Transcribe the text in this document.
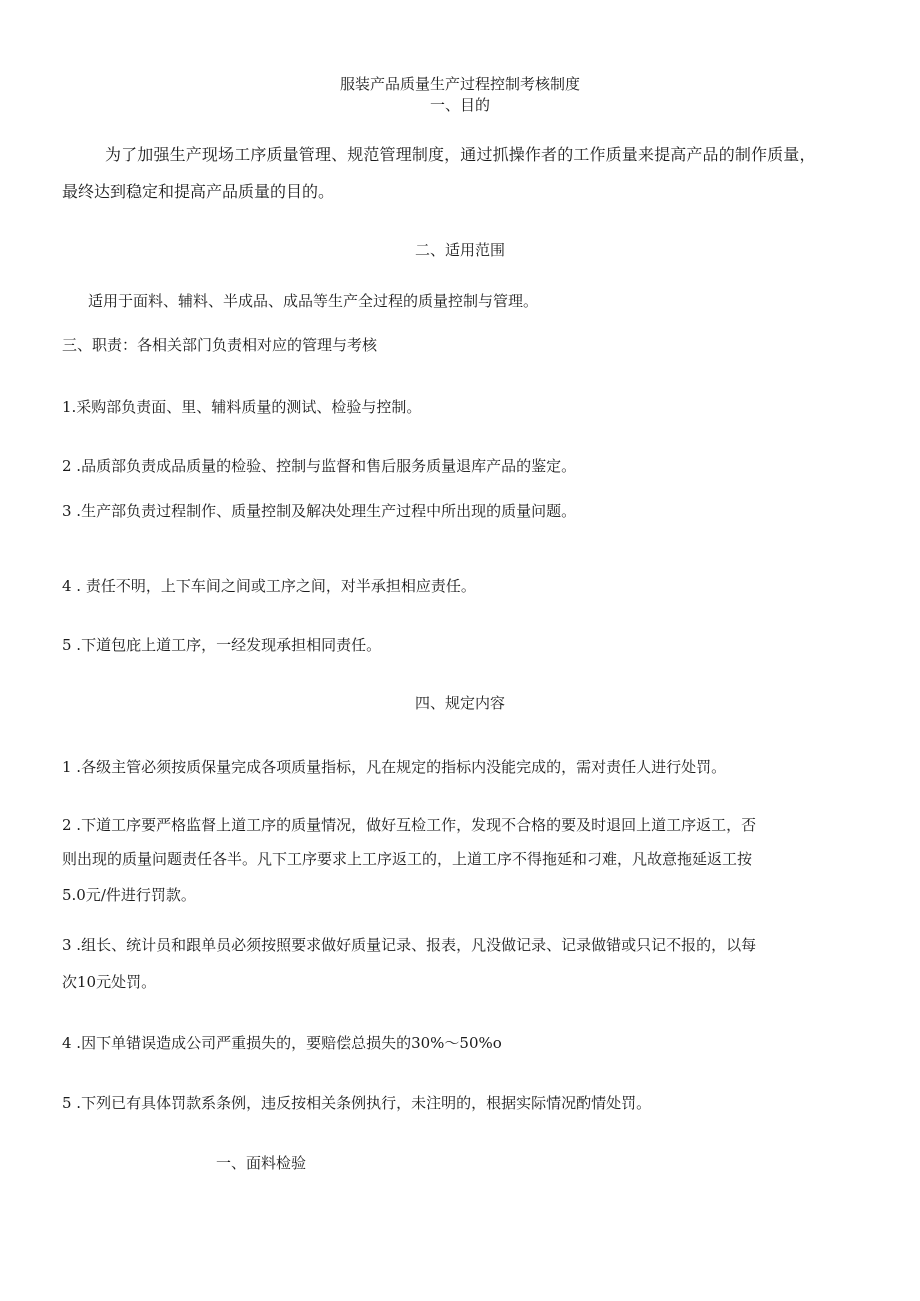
服装产品质量生产过程控制考核制度
一、目的
为了加强生产现场工序质量管理、规范管理制度，通过抓操作者的工作质量来提高产品的制作质量，
最终达到稳定和提高产品质量的目的。
二、适用范围
适用于面料、辅料、半成品、成品等生产全过程的质量控制与管理。
三、职责：各相关部门负责相对应的管理与考核
1.采购部负责面、里、辅料质量的测试、检验与控制。
2 .品质部负责成品质量的检验、控制与监督和售后服务质量退库产品的鉴定。
3 .生产部负责过程制作、质量控制及解决处理生产过程中所出现的质量问题。
4 . 责任不明，上下车间之间或工序之间，对半承担相应责任。
5 .下道包庇上道工序，一经发现承担相同责任。
四、规定内容
1 .各级主管必须按质保量完成各项质量指标，凡在规定的指标内没能完成的，需对责任人进行处罚。
2 .下道工序要严格监督上道工序的质量情况，做好互检工作，发现不合格的要及时退回上道工序返工，否
则出现的质量问题责任各半。凡下工序要求上工序返工的，上道工序不得拖延和刁难，凡故意拖延返工按
5.0元/件进行罚款。
3 .组长、统计员和跟单员必须按照要求做好质量记录、报表，凡没做记录、记录做错或只记不报的，以每
次10元处罚。
4 .因下单错误造成公司严重损失的，要赔偿总损失的30%～50%o
5 .下列已有具体罚款系条例，违反按相关条例执行，未注明的，根据实际情况酌情处罚。
一、面料检验
